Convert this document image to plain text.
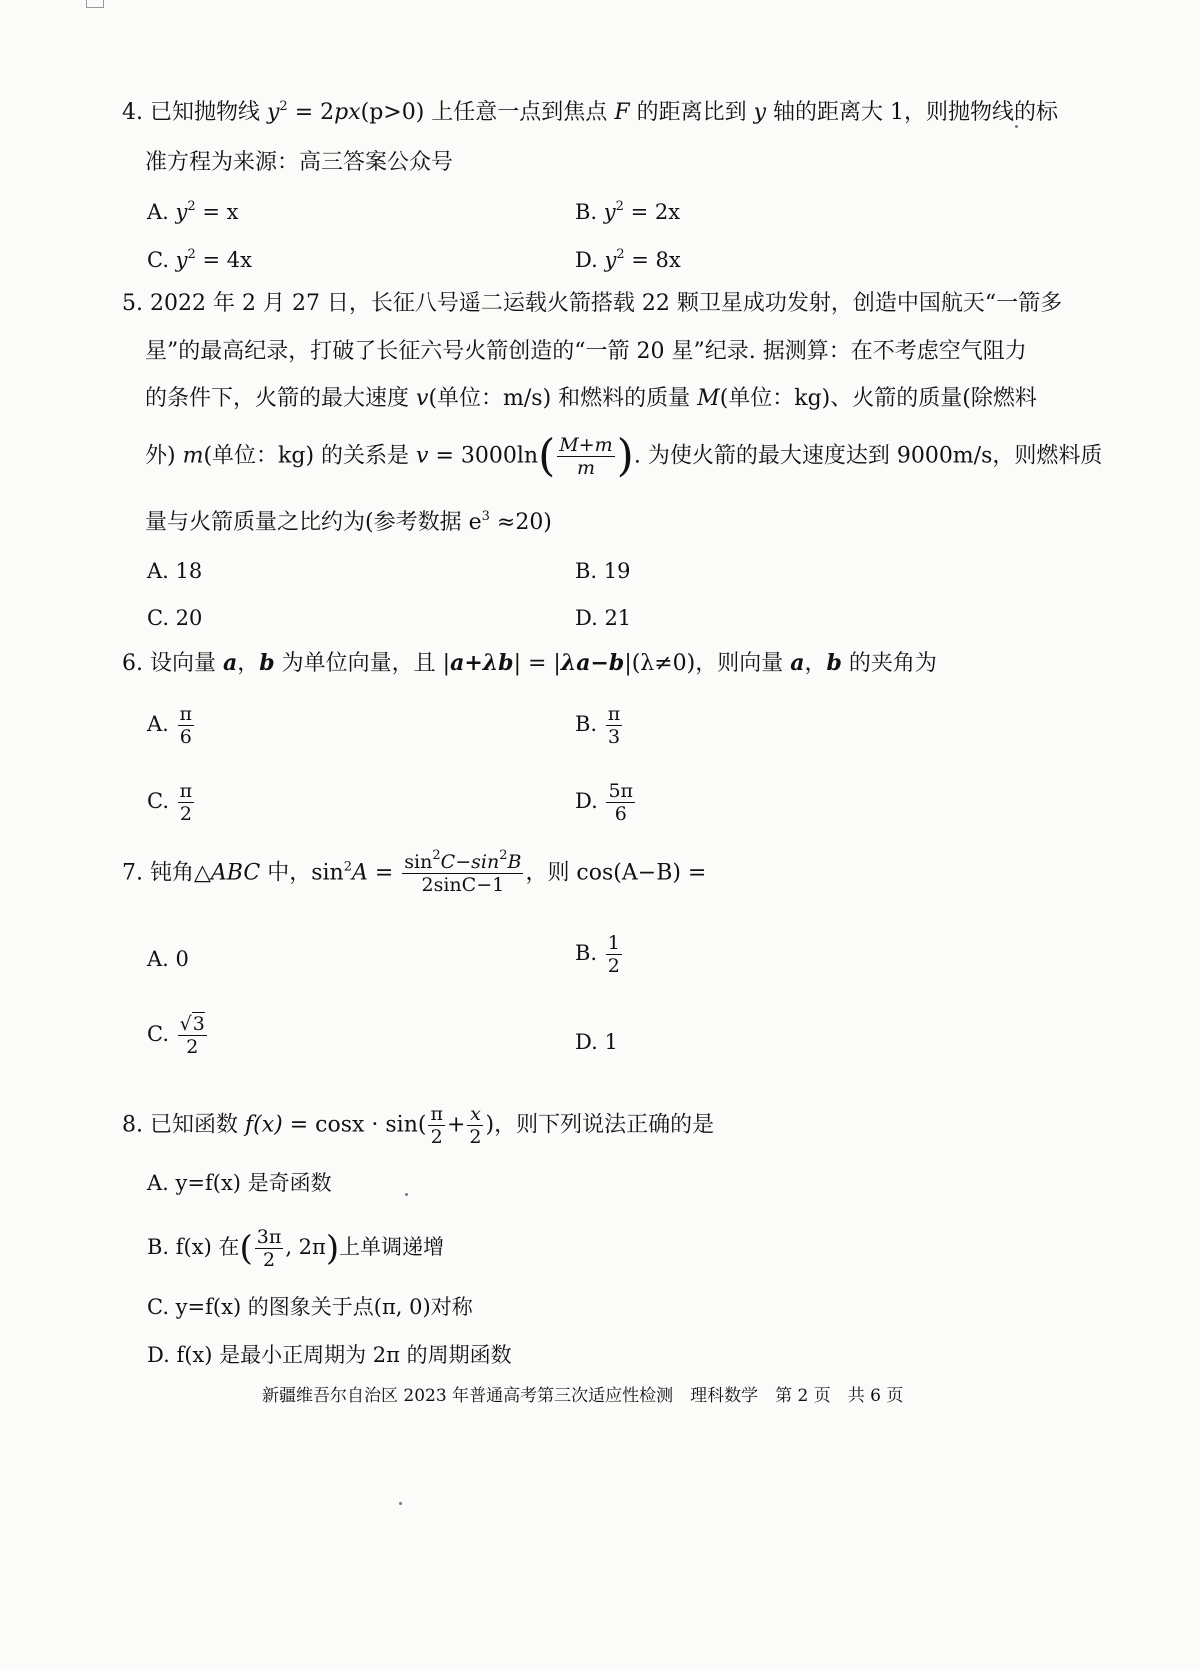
4. 已知抛物线 $y^2 = 2px(p>0)$ 上任意一点到焦点 F 的距离比到 y 轴的距离大 1，则抛物线的标
准方程为来源：高三答案公众号
A. $y^2 = x$	B. $y^2 = 2x$
C. $y^2 = 4x$	D. $y^2 = 8x$
5. 2022 年 2 月 27 日，长征八号遥二运载火箭搭载 22 颗卫星成功发射，创造中国航天“一箭多
星”的最高纪录，打破了长征六号火箭创造的“一箭 20 星”纪录. 据测算：在不考虑空气阻力
的条件下，火箭的最大速度 v(单位：m/s) 和燃料的质量 M(单位：kg)、火箭的质量(除燃料
外) m(单位：kg) 的关系是 $v = 3000\ln( \frac{M+m}{m}$ ). 为使火箭的最大速度达到 9000m/s，则燃料质
量与火箭质量之比约为(参考数据 $e^3 \approx 20$)
A. 18	B. 19
C. 20	D. 21
6. 设向量 a，b 为单位向量，且 |a+λb| = |λa−b|(λ≠0)，则向量 a，b 的夹角为
A. $\frac{\pi}{6}$	B. $\frac{\pi}{3}$
C. $\frac{\pi}{2}$	D. $\frac{5\pi}{6}$
7. 钝角△ABC 中，$\sin^2A = \frac{\sin^2C-\sin^2B}{2\sin C-1}$ ，则 cos(A−B) =
A. 0	B. $\frac{1}{2}$
C. $\frac{√3}{2}$	D. 1
8. 已知函数 $f(x) = \cos x \cdot \sin( \frac{\pi}{2} + \frac{x}{2}$ )，则下列说法正确的是
A. y=f(x) 是奇函数
B. f(x) 在( $\frac{3\pi}{2}$ , 2π)上单调递增
C. y=f(x) 的图象关于点(π, 0)对称
D. f(x) 是最小正周期为 2π 的周期函数
新疆维吾尔自治区 2023 年普通高考第三次适应性检测　理科数学　第 2 页　共 6 页
